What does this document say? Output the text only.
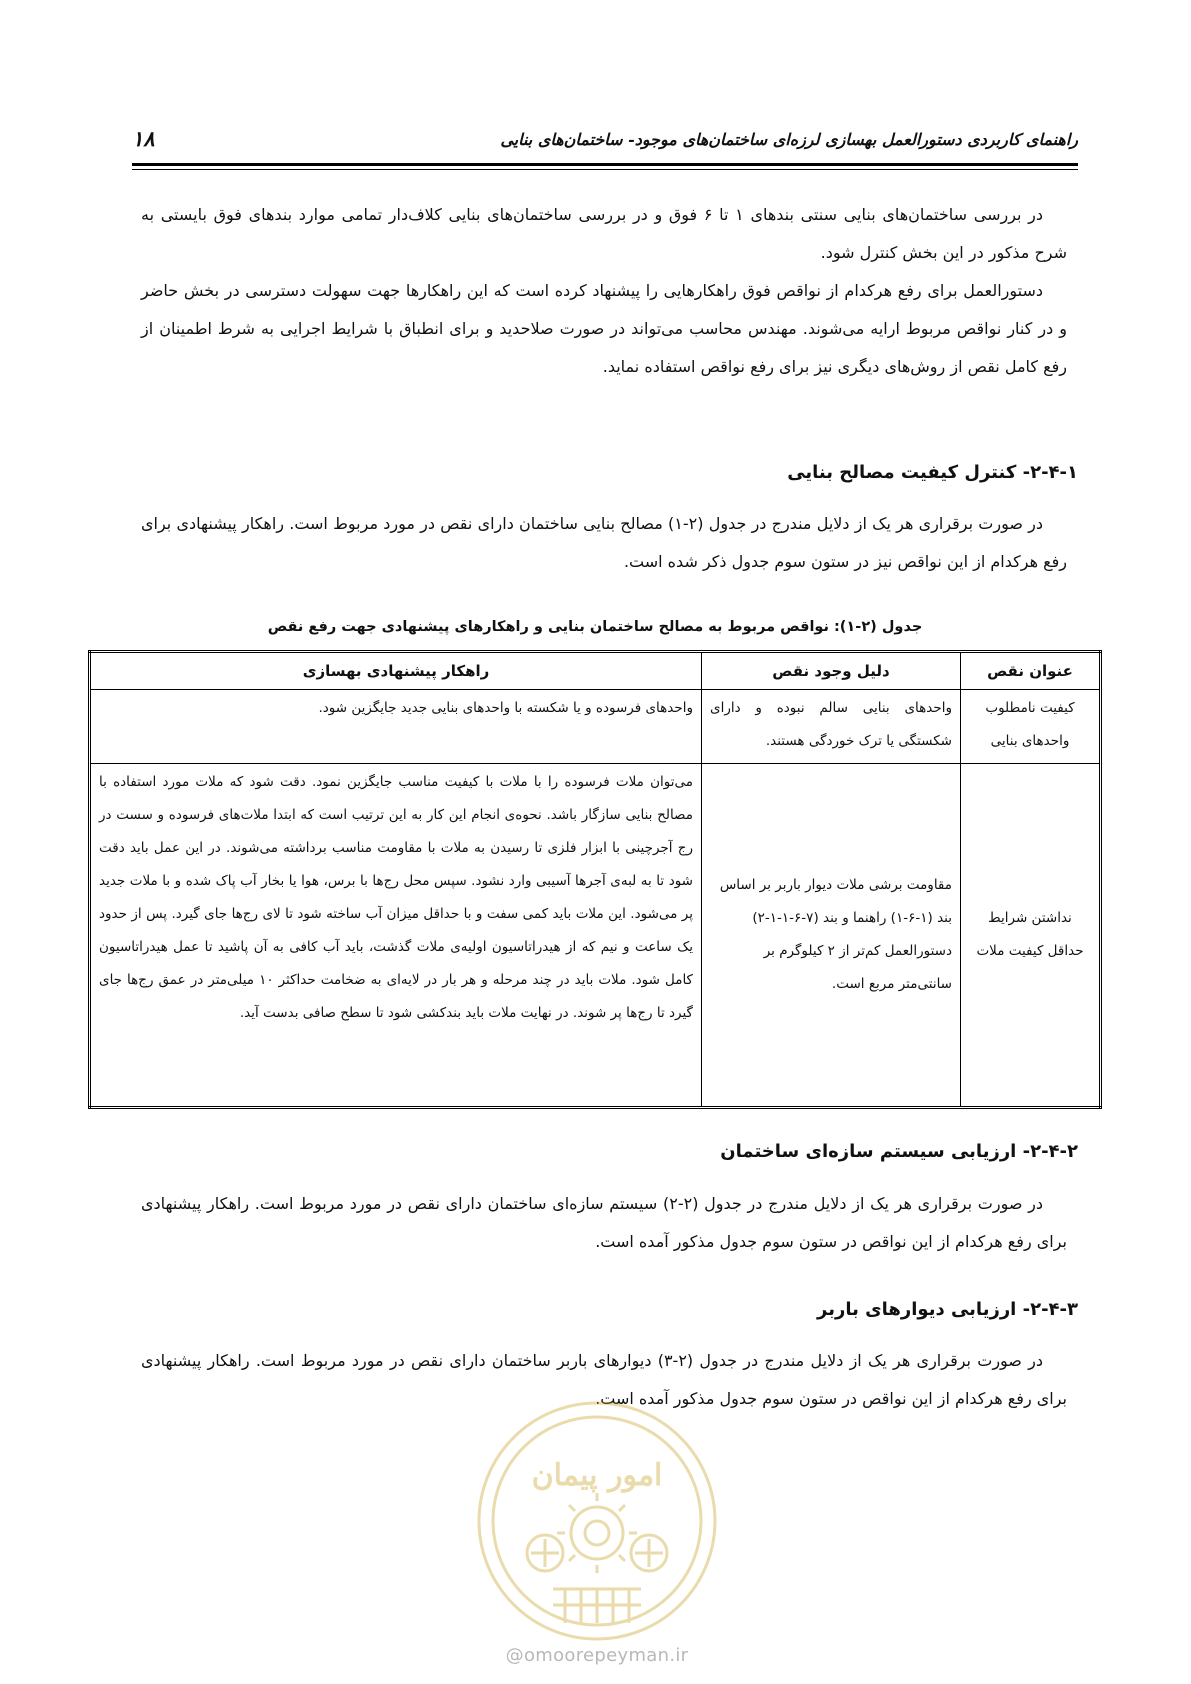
راهنمای کاربردی دستورالعمل بهسازی لرزه‌ای ساختمان‌های موجود- ساختمان‌های بنایی
۱۸
در بررسی ساختمان‌های بنایی سنتی بندهای ۱ تا ۶ فوق و در بررسی ساختمان‌های بنایی کلاف‌دار تمامی موارد بندهای فوق بایستی به شرح مذکور در این بخش کنترل شود.
دستورالعمل برای رفع هرکدام از نواقص فوق راهکارهایی را پیشنهاد کرده است که این راهکارها جهت سهولت دسترسی در بخش حاضر و در کنار نواقص مربوط ارایه می‌شوند. مهندس محاسب می‌تواند در صورت صلاحدید و برای انطباق با شرایط اجرایی به شرط اطمینان از رفع کامل نقص از روش‌های دیگری نیز برای رفع نواقص استفاده نماید.
۲-۴-۱- کنترل کیفیت مصالح بنایی
در صورت برقراری هر یک از دلایل مندرج در جدول (۲-۱) مصالح بنایی ساختمان دارای نقص در مورد مربوط است. راهکار پیشنهادی برای رفع هرکدام از این نواقص نیز در ستون سوم جدول ذکر شده است.
جدول (۲-۱): نواقص مربوط به مصالح ساختمان بنایی و راهکارهای پیشنهادی جهت رفع نقص
عنوان نقص	دلیل وجود نقص	راهکار پیشنهادی بهسازی
کیفیت نامطلوب واحدهای بنایی	واحدهای بنایی سالم نبوده و دارای شکستگی یا ترک خوردگی هستند.	واحدهای فرسوده و یا شکسته با واحدهای بنایی جدید جایگزین شود.
نداشتن شرایط حداقل کیفیت ملات	مقاومت برشی ملات دیوار باربر بر اساس بند (۱-۶-۱) راهنما و بند (۷-۶-۱-۱-۲) دستورالعمل کم‌تر از ۲ کیلوگرم بر سانتی‌متر مربع است.	می‌توان ملات فرسوده را با ملات با کیفیت مناسب جایگزین نمود. دقت شود که ملات مورد استفاده با مصالح بنایی سازگار باشد. نحوه‌ی انجام این کار به این ترتیب است که ابتدا ملات‌های فرسوده و سست در رج آجرچینی با ابزار فلزی تا رسیدن به ملات با مقاومت مناسب برداشته می‌شوند. در این عمل باید دقت شود تا به لبه‌ی آجرها آسیبی وارد نشود. سپس محل رج‌ها با برس، هوا یا بخار آب پاک شده و با ملات جدید پر می‌شود. این ملات باید کمی سفت و با حداقل میزان آب ساخته شود تا لای رج‌ها جای گیرد. پس از حدود یک ساعت و نیم که از هیدراتاسیون اولیه‌ی ملات گذشت، باید آب کافی به آن پاشید تا عمل هیدراتاسیون کامل شود. ملات باید در چند مرحله و هر بار در لایه‌ای به ضخامت حداکثر ۱۰ میلی‌متر در عمق رج‌ها جای گیرد تا رج‌ها پر شوند. در نهایت ملات باید بندکشی شود تا سطح صافی بدست آید.
۲-۴-۲- ارزیابی سیستم سازه‌ای ساختمان
در صورت برقراری هر یک از دلایل مندرج در جدول (۲-۲) سیستم سازه‌ای ساختمان دارای نقص در مورد مربوط است. راهکار پیشنهادی برای رفع هرکدام از این نواقص در ستون سوم جدول مذکور آمده است.
۲-۴-۳- ارزیابی دیوارهای باربر
در صورت برقراری هر یک از دلایل مندرج در جدول (۲-۳) دیوارهای باربر ساختمان دارای نقص در مورد مربوط است. راهکار پیشنهادی برای رفع هرکدام از این نواقص در ستون سوم جدول مذکور آمده است.
امور پیمان
@omoorepeyman.ir
